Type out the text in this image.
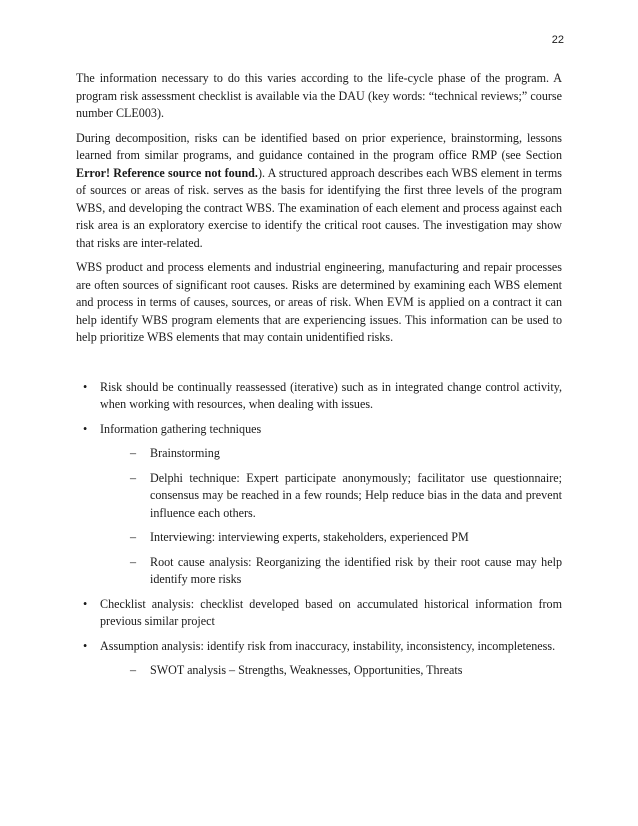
22

The information necessary to do this varies according to the life-cycle phase of the program. A program risk assessment checklist is available via the DAU (key words: “technical reviews;” course number CLE003).

During decomposition, risks can be identified based on prior experience, brainstorming, lessons learned from similar programs, and guidance contained in the program office RMP (see Section Error! Reference source not found.). A structured approach describes each WBS element in terms of sources or areas of risk. serves as the basis for identifying the first three levels of the program WBS, and developing the contract WBS. The examination of each element and process against each risk area is an exploratory exercise to identify the critical root causes. The investigation may show that risks are inter-related.

WBS product and process elements and industrial engineering, manufacturing and repair processes are often sources of significant root causes. Risks are determined by examining each WBS element and process in terms of causes, sources, or areas of risk. When EVM is applied on a contract it can help identify WBS program elements that are experiencing issues. This information can be used to help prioritize WBS elements that may contain unidentified risks.

• Risk should be continually reassessed (iterative) such as in integrated change control activity, when working with resources, when dealing with issues.
• Information gathering techniques
– Brainstorming
– Delphi technique: Expert participate anonymously; facilitator use questionnaire; consensus may be reached in a few rounds; Help reduce bias in the data and prevent influence each others.
– Interviewing: interviewing experts, stakeholders, experienced PM
– Root cause analysis: Reorganizing the identified risk by their root cause may help identify more risks
• Checklist analysis: checklist developed based on accumulated historical information from previous similar project
• Assumption analysis: identify risk from inaccuracy, instability, inconsistency, incompleteness.
– SWOT analysis – Strengths, Weaknesses, Opportunities, Threats
